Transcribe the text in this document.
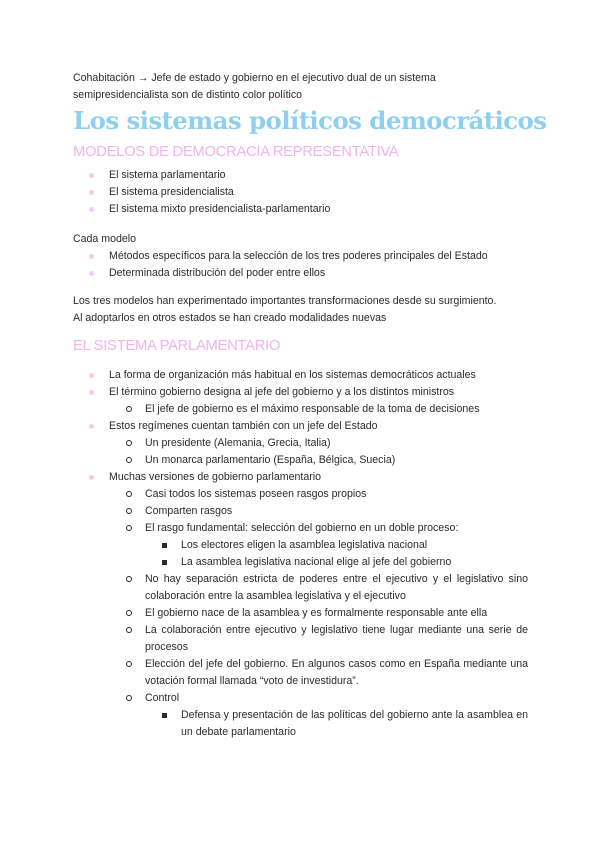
Cohabitación → Jefe de estado y gobierno en el ejecutivo dual de un sistema
semipresidencialista son de distinto color político

Los sistemas políticos democráticos
MODELOS DE DEMOCRACIA REPRESENTATIVA
El sistema parlamentario
El sistema presidencialista
El sistema mixto presidencialista-parlamentario

Cada modelo

Métodos específicos para la selección de los tres poderes principales del Estado
Determinada distribución del poder entre ellos

Los tres modelos han experimentado importantes transformaciones desde su surgimiento.
Al adoptarlos en otros estados se han creado modalidades nuevas

EL SISTEMA PARLAMENTARIO
La forma de organización más habitual en los sistemas democráticos actuales
El término gobierno designa al jefe del gobierno y a los distintos ministros
El jefe de gobierno es el máximo responsable de la toma de decisiones
Estos regímenes cuentan también con un jefe del Estado
Un presidente (Alemania, Grecia, Italia)
Un monarca parlamentario (España, Bélgica, Suecia)
Muchas versiones de gobierno parlamentario
Casi todos los sistemas poseen rasgos propios
Comparten rasgos
El rasgo fundamental: selección del gobierno en un doble proceso:
Los electores eligen la asamblea legislativa nacional
La asamblea legislativa nacional elige al jefe del gobierno
No hay separación estricta de poderes entre el ejecutivo y el legislativo sino colaboración entre la asamblea legislativa y el ejecutivo
El gobierno nace de la asamblea y es formalmente responsable ante ella
La colaboración entre ejecutivo y legislativo tiene lugar mediante una serie de procesos
Elección del jefe del gobierno. En algunos casos como en España mediante una votación formal llamada “voto de investidura”.
Control
Defensa y presentación de las políticas del gobierno ante la asamblea en un debate parlamentario
